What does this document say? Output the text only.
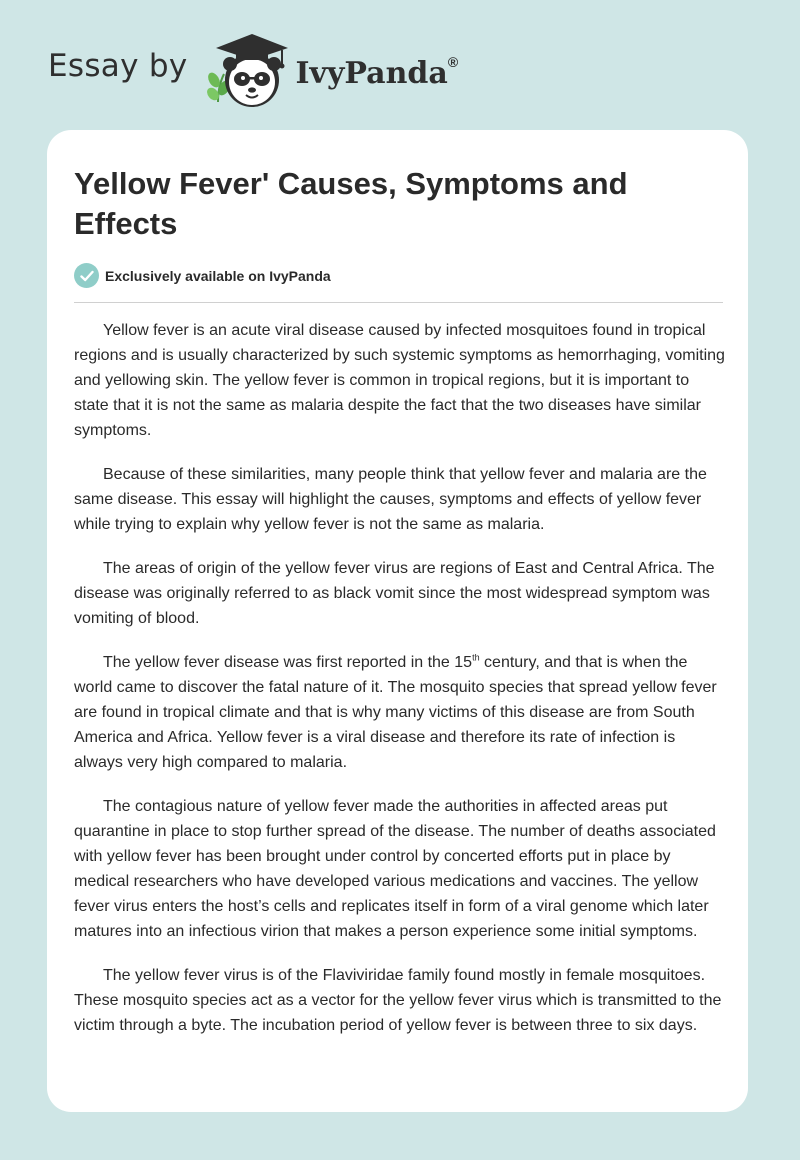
Essay by	IvyPanda®
Yellow Fever' Causes, Symptoms and Effects
Exclusively available on IvyPanda

Yellow fever is an acute viral disease caused by infected mosquitoes found in tropical regions and is usually characterized by such systemic symptoms as hemorrhaging, vomiting and yellowing skin. The yellow fever is common in tropical regions, but it is important to state that it is not the same as malaria despite the fact that the two diseases have similar symptoms.

Because of these similarities, many people think that yellow fever and malaria are the same disease. This essay will highlight the causes, symptoms and effects of yellow fever while trying to explain why yellow fever is not the same as malaria.

The areas of origin of the yellow fever virus are regions of East and Central Africa. The disease was originally referred to as black vomit since the most widespread symptom was vomiting of blood.

The yellow fever disease was first reported in the 15th century, and that is when the world came to discover the fatal nature of it. The mosquito species that spread yellow fever are found in tropical climate and that is why many victims of this disease are from South America and Africa. Yellow fever is a viral disease and therefore its rate of infection is always very high compared to malaria.

The contagious nature of yellow fever made the authorities in affected areas put quarantine in place to stop further spread of the disease. The number of deaths associated with yellow fever has been brought under control by concerted efforts put in place by medical researchers who have developed various medications and vaccines. The yellow fever virus enters the host’s cells and replicates itself in form of a viral genome which later matures into an infectious virion that makes a person experience some initial symptoms.

The yellow fever virus is of the Flaviviridae family found mostly in female mosquitoes. These mosquito species act as a vector for the yellow fever virus which is transmitted to the victim through a byte. The incubation period of yellow fever is between three to six days.
